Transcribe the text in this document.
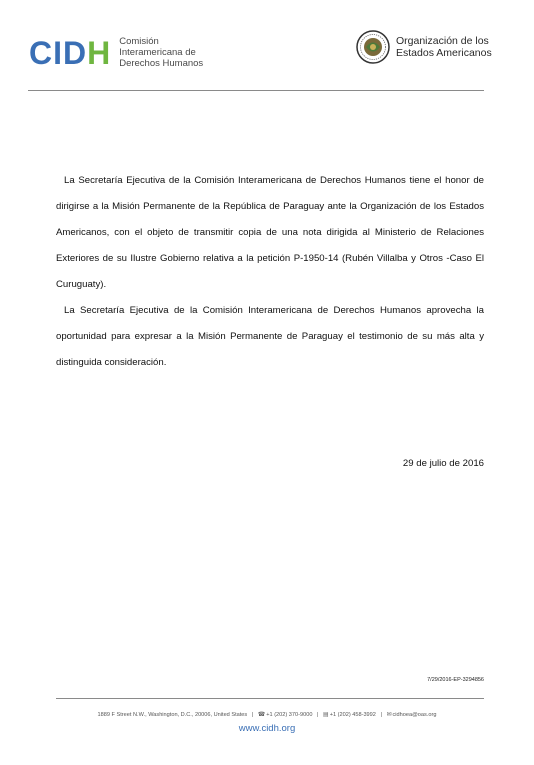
CIDH Comisión
Interamericana de
Derechos Humanos
Organización de los
Estados Americanos

La Secretaría Ejecutiva de la Comisión Interamericana de Derechos Humanos tiene el honor de dirigirse a la Misión Permanente de la República de Paraguay ante la Organización de los Estados Americanos, con el objeto de transmitir copia de una nota dirigida al Ministerio de Relaciones Exteriores de su Ilustre Gobierno relativa a la petición P-1950-14 (Rubén Villalba y Otros -Caso El Curuguaty).

La Secretaría Ejecutiva de la Comisión Interamericana de Derechos Humanos aprovecha la oportunidad para expresar a la Misión Permanente de Paraguay el testimonio de su más alta y distinguida consideración.

29 de julio de 2016
7/29/2016-EP-3294856
1889 F Street N.W., Washington, D.C., 20006, United States | ☎+1 (202) 370-9000 | ▤+1 (202) 458-3992 | ✉cidhoea@oas.org
www.cidh.org
